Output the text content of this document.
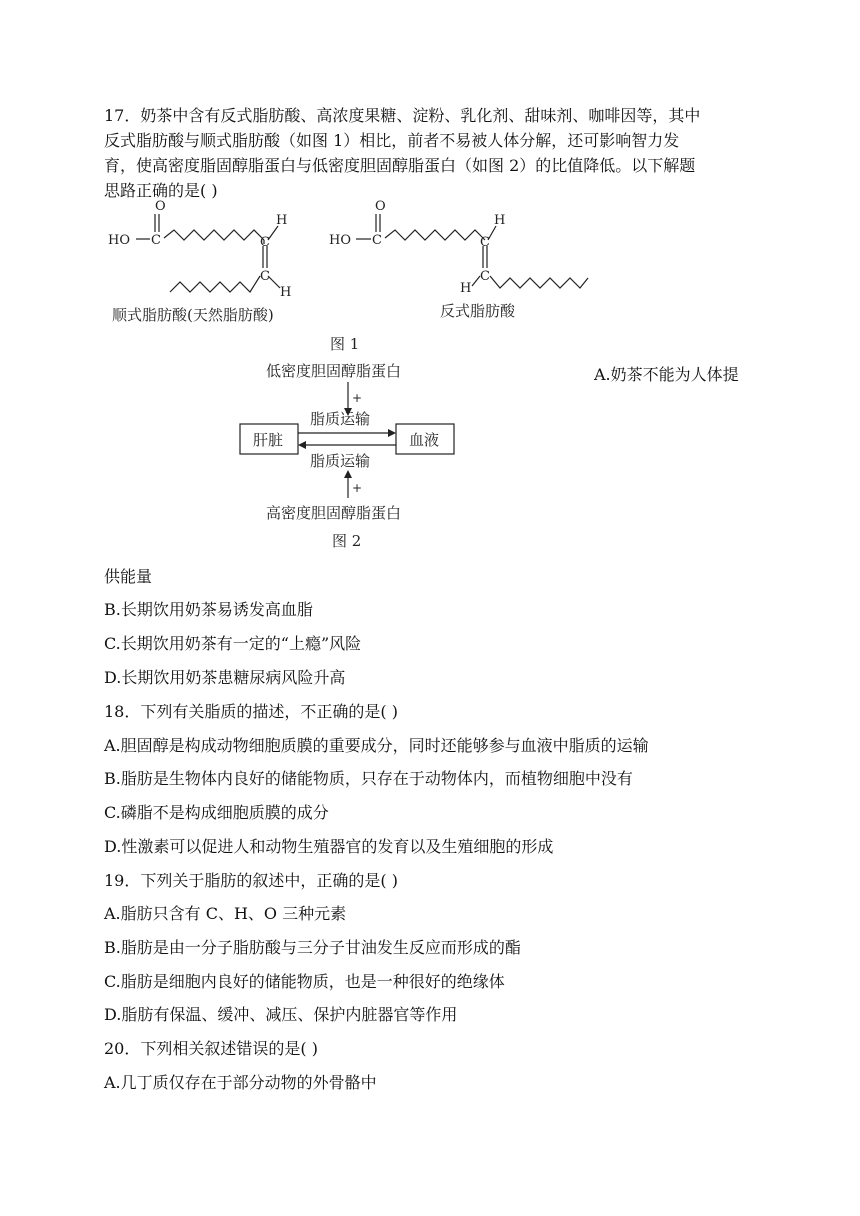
17．奶茶中含有反式脂肪酸、高浓度果糖、淀粉、乳化剂、甜味剂、咖啡因等，其中
反式脂肪酸与顺式脂肪酸（如图 1）相比，前者不易被人体分解，还可影响智力发
育，使高密度脂固醇脂蛋白与低密度胆固醇脂蛋白（如图 2）的比值降低。以下解题
思路正确的是( )
O
HO C
H
C
C
H
顺式脂肪酸(天然脂肪酸)
O
HO C
H
C
C
H
反式脂肪酸
图 1
低密度胆固醇脂蛋白
+
脂质运输
肝脏	血液
脂质运输
+
高密度胆固醇脂蛋白
图 2
A.奶茶不能为人体提
供能量
B.长期饮用奶茶易诱发高血脂
C.长期饮用奶茶有一定的“上瘾”风险
D.长期饮用奶茶患糖尿病风险升高
18．下列有关脂质的描述，不正确的是( )
A.胆固醇是构成动物细胞质膜的重要成分，同时还能够参与血液中脂质的运输
B.脂肪是生物体内良好的储能物质，只存在于动物体内，而植物细胞中没有
C.磷脂不是构成细胞质膜的成分
D.性激素可以促进人和动物生殖器官的发育以及生殖细胞的形成
19．下列关于脂肪的叙述中，正确的是( )
A.脂肪只含有 C、H、O 三种元素
B.脂肪是由一分子脂肪酸与三分子甘油发生反应而形成的酯
C.脂肪是细胞内良好的储能物质，也是一种很好的绝缘体
D.脂肪有保温、缓冲、减压、保护内脏器官等作用
20．下列相关叙述错误的是( )
A.几丁质仅存在于部分动物的外骨骼中
